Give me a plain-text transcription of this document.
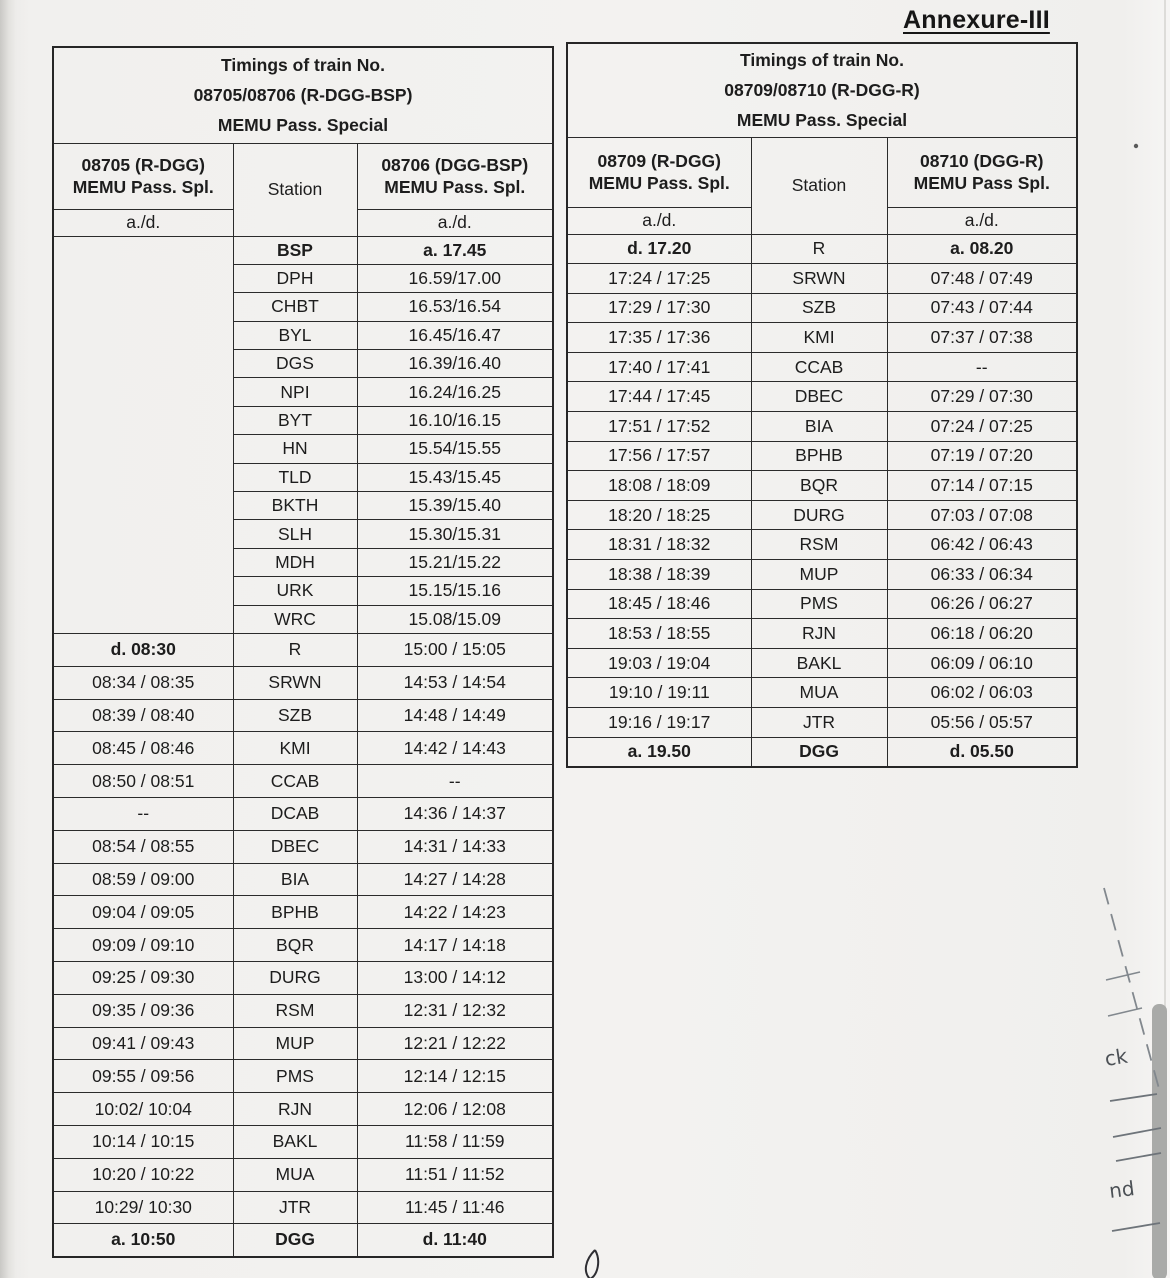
Annexure-III
Timings of train No.
08705/08706 (R-DGG-BSP)
MEMU Pass. Special		

08705 (R-DGG)
MEMU Pass. Spl.	Station	
08706 (DGG-BSP)
MEMU Pass. Spl.

a./d.		a./d.
	BSP	a. 17.45
	DPH	16.59/17.00
	CHBT	16.53/16.54
	BYL	16.45/16.47
	DGS	16.39/16.40
	NPI	16.24/16.25
	BYT	16.10/16.15
	HN	15.54/15.55
	TLD	15.43/15.45
	BKTH	15.39/15.40
	SLH	15.30/15.31
	MDH	15.21/15.22
	URK	15.15/15.16
	WRC	15.08/15.09
d. 08:30	R	15:00 / 15:05
08:34 / 08:35	SRWN	14:53 / 14:54
08:39 / 08:40	SZB	14:48 / 14:49
08:45 / 08:46	KMI	14:42 / 14:43
08:50 / 08:51	CCAB	--
--	DCAB	14:36 / 14:37
08:54 / 08:55	DBEC	14:31 / 14:33
08:59 / 09:00	BIA	14:27 / 14:28
09:04 / 09:05	BPHB	14:22 / 14:23
09:09 / 09:10	BQR	14:17 / 14:18
09:25 / 09:30	DURG	13:00 / 14:12
09:35 / 09:36	RSM	12:31 / 12:32
09:41 / 09:43	MUP	12:21 / 12:22
09:55 / 09:56	PMS	12:14 / 12:15
10:02/ 10:04	RJN	12:06 / 12:08
10:14 / 10:15	BAKL	11:58 / 11:59
10:20 / 10:22	MUA	11:51 / 11:52
10:29/ 10:30	JTR	11:45 / 11:46
a. 10:50	DGG	d. 11:40
Timings of train No.
08709/08710 (R-DGG-R)
MEMU Pass. Special		

08709 (R-DGG)
MEMU Pass. Spl.	Station	
08710 (DGG-R)
MEMU Pass Spl.

a./d.		a./d.
d. 17.20	R	a. 08.20
17:24 / 17:25	SRWN	07:48 / 07:49
17:29 / 17:30	SZB	07:43 / 07:44
17:35 / 17:36	KMI	07:37 / 07:38
17:40 / 17:41	CCAB	--
17:44 / 17:45	DBEC	07:29 / 07:30
17:51 / 17:52	BIA	07:24 / 07:25
17:56 / 17:57	BPHB	07:19 / 07:20
18:08 / 18:09	BQR	07:14 / 07:15
18:20 / 18:25	DURG	07:03 / 07:08
18:31 / 18:32	RSM	06:42 / 06:43
18:38 / 18:39	MUP	06:33 / 06:34
18:45 / 18:46	PMS	06:26 / 06:27
18:53 / 18:55	RJN	06:18 / 06:20
19:03 / 19:04	BAKL	06:09 / 06:10
19:10 / 19:11	MUA	06:02 / 06:03
19:16 / 19:17	JTR	05:56 / 05:57
a. 19.50	DGG	d. 05.50
ck
nd
